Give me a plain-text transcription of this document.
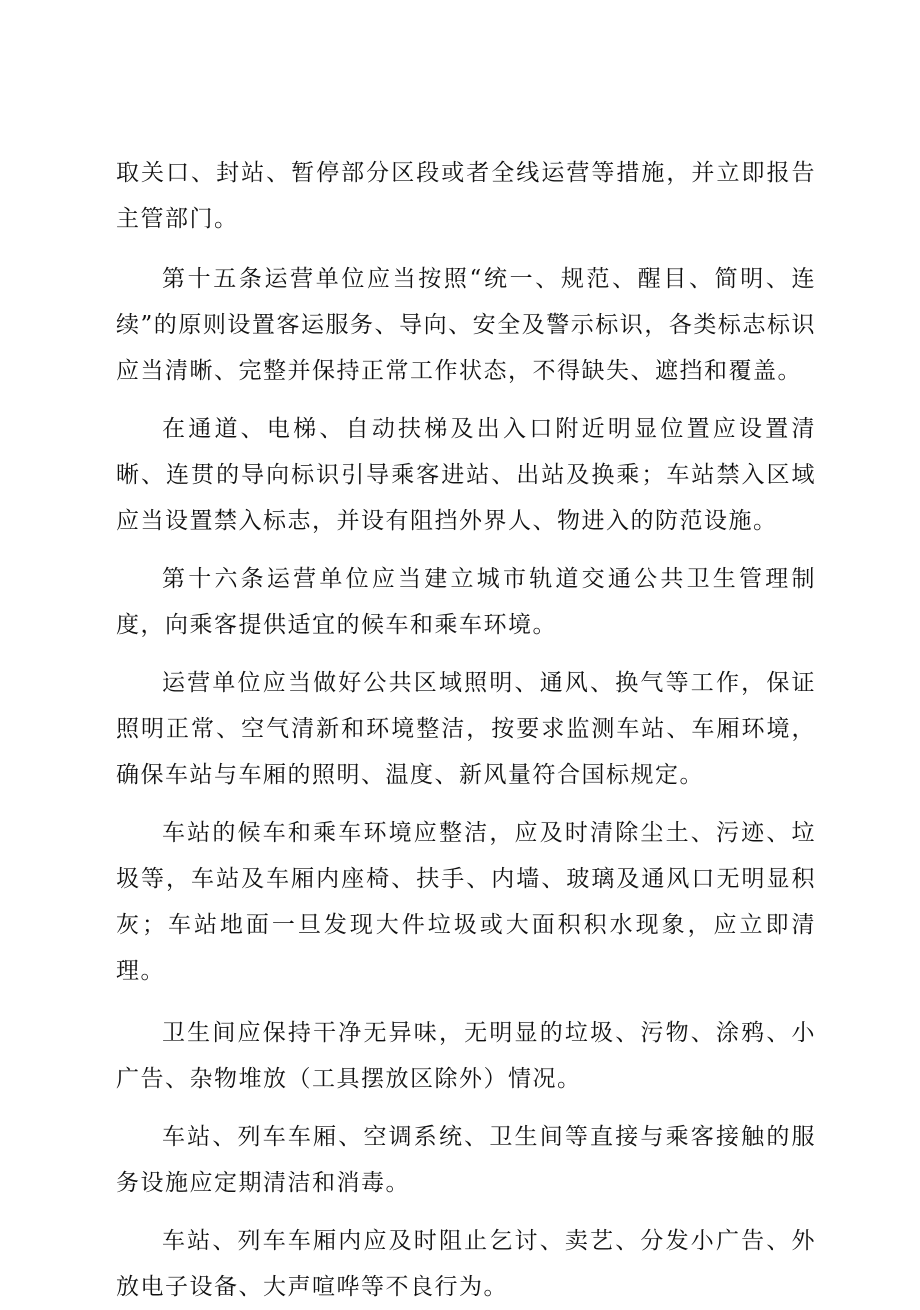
取关口、封站、暂停部分区段或者全线运营等措施，并立即报告主管部门。

第十五条运营单位应当按照“统一、规范、醒目、简明、连续”的原则设置客运服务、导向、安全及警示标识，各类标志标识应当清晰、完整并保持正常工作状态，不得缺失、遮挡和覆盖。

在通道、电梯、自动扶梯及出入口附近明显位置应设置清晰、连贯的导向标识引导乘客进站、出站及换乘；车站禁入区域应当设置禁入标志，并设有阻挡外界人、物进入的防范设施。

第十六条运营单位应当建立城市轨道交通公共卫生管理制度，向乘客提供适宜的候车和乘车环境。

运营单位应当做好公共区域照明、通风、换气等工作，保证照明正常、空气清新和环境整洁，按要求监测车站、车厢环境，确保车站与车厢的照明、温度、新风量符合国标规定。

车站的候车和乘车环境应整洁，应及时清除尘土、污迹、垃圾等，车站及车厢内座椅、扶手、内墙、玻璃及通风口无明显积灰；车站地面一旦发现大件垃圾或大面积积水现象，应立即清理。

卫生间应保持干净无异味，无明显的垃圾、污物、涂鸦、小广告、杂物堆放（工具摆放区除外）情况。

车站、列车车厢、空调系统、卫生间等直接与乘客接触的服务设施应定期清洁和消毒。

车站、列车车厢内应及时阻止乞讨、卖艺、分发小广告、外放电子设备、大声喧哗等不良行为。
